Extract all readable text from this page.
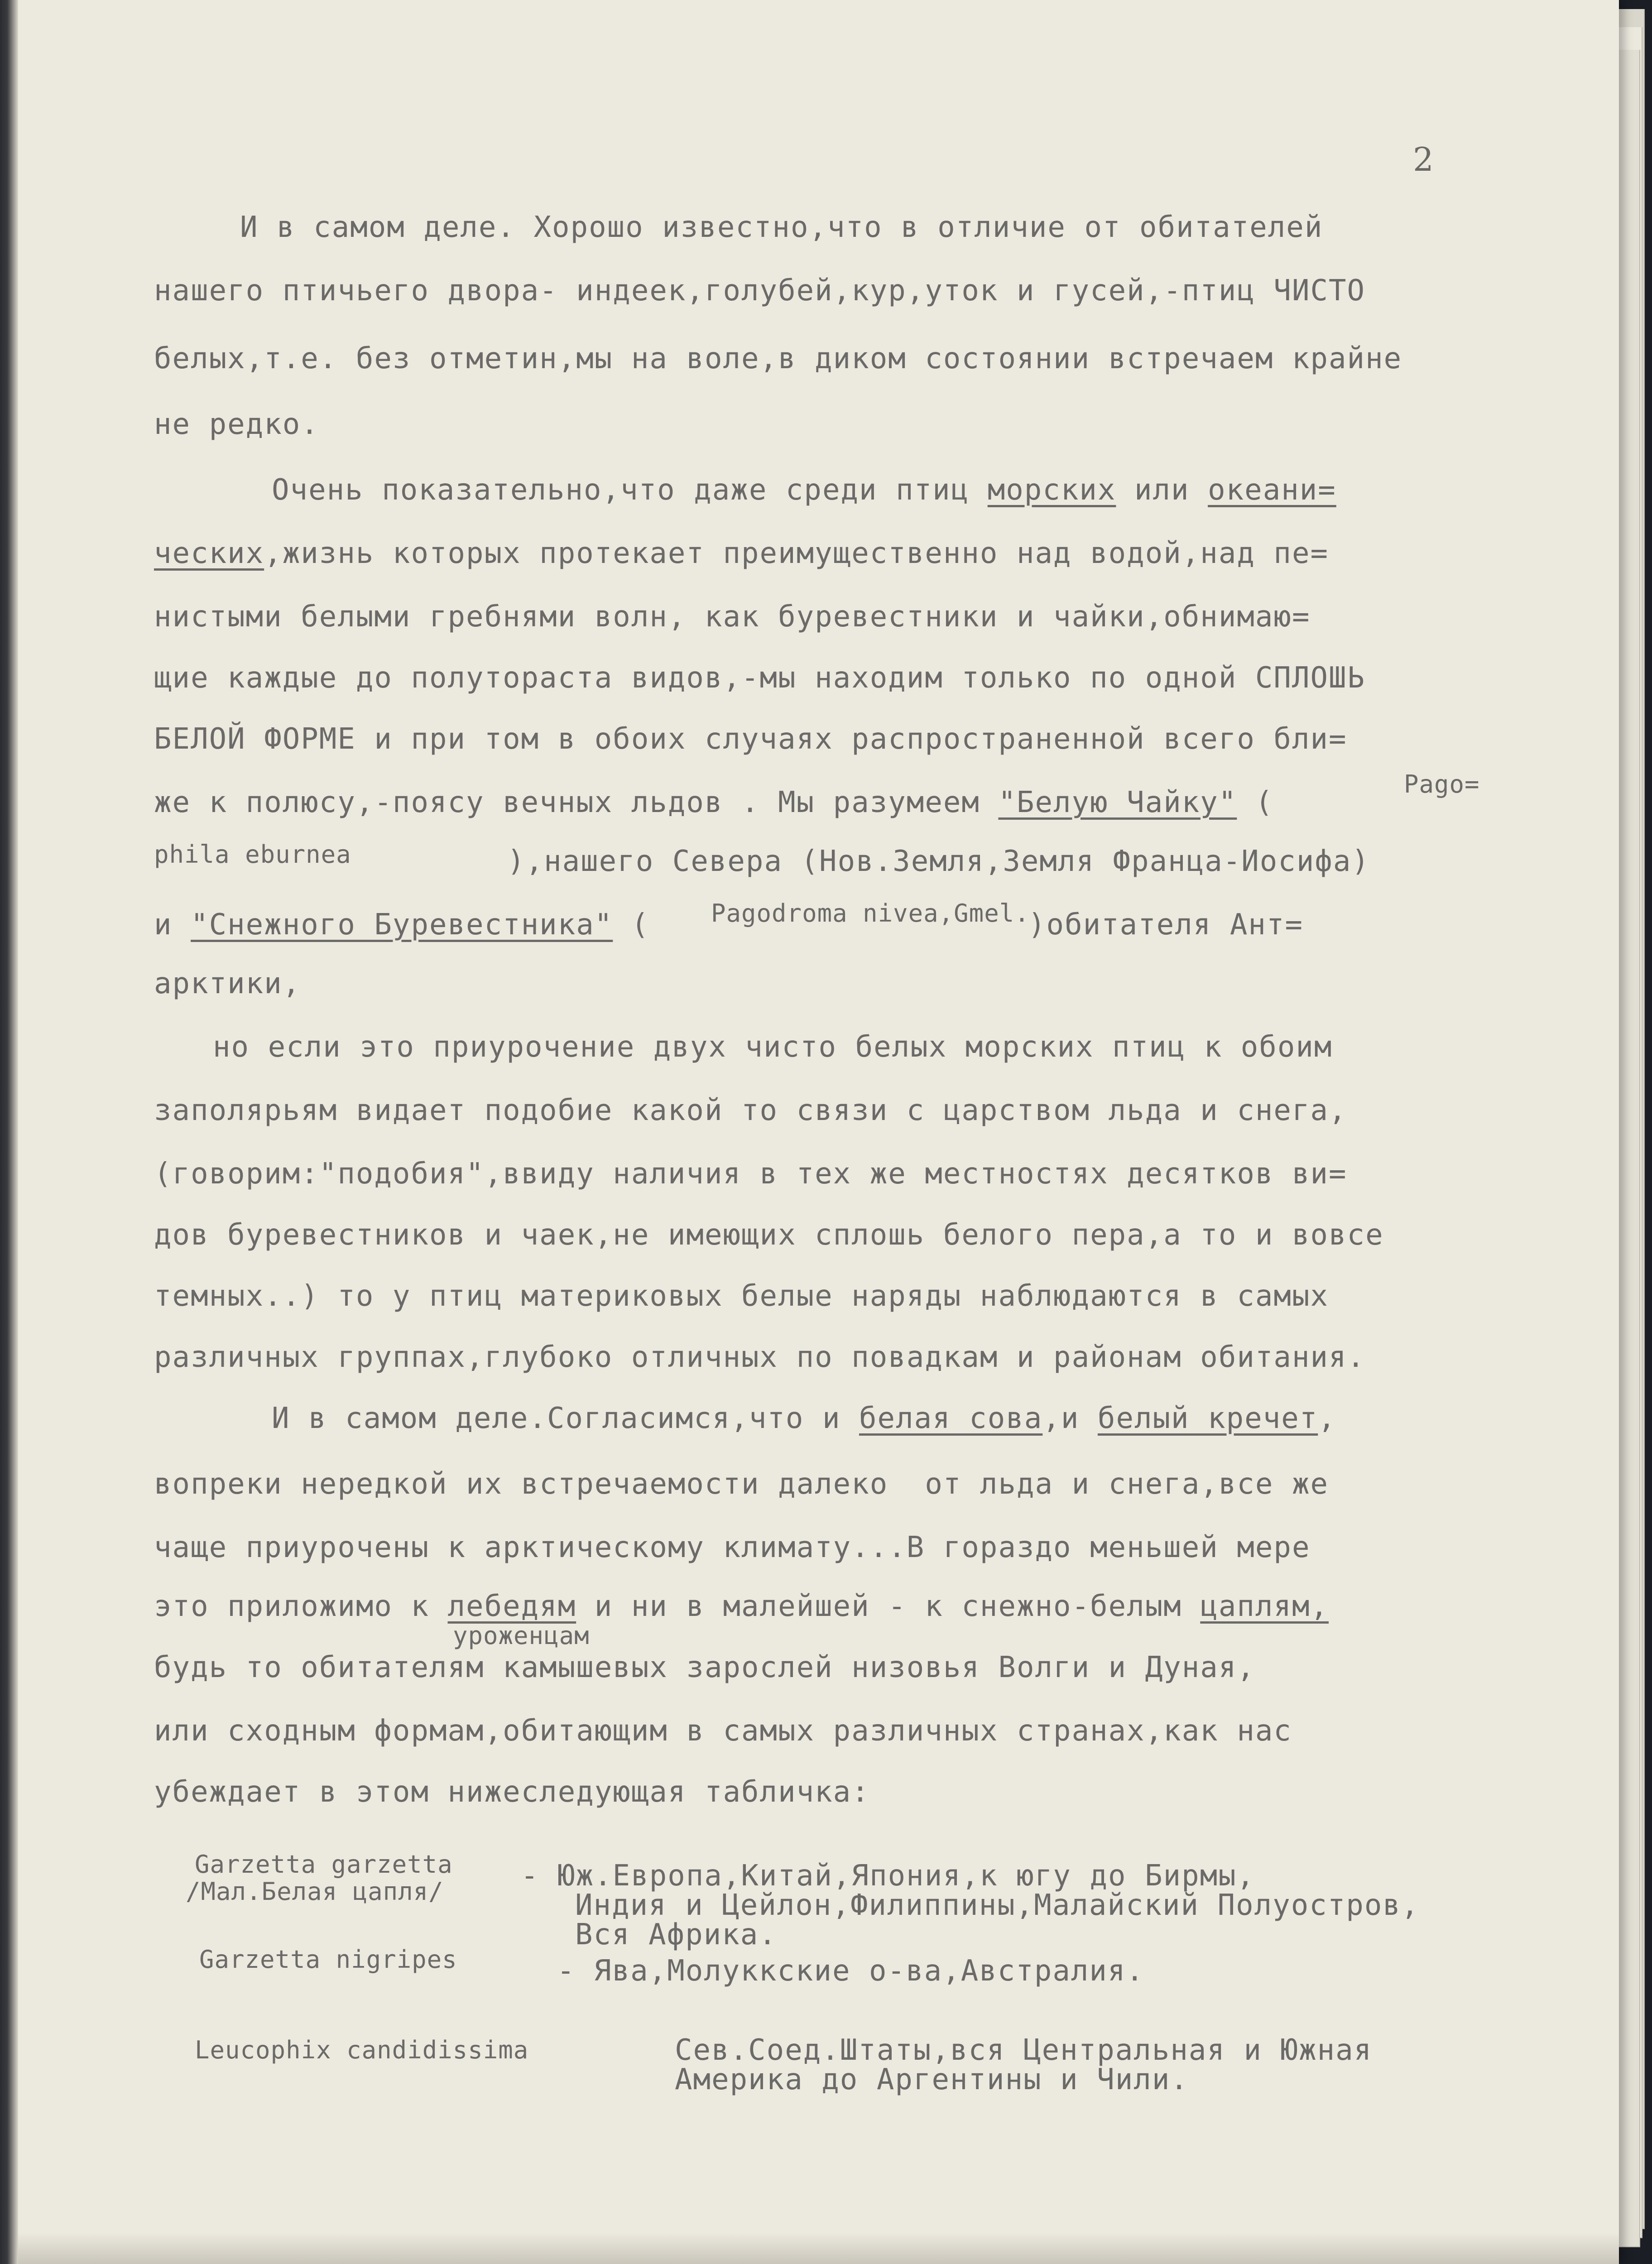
2
И в самом деле. Хорошо известно,что в отличие от обитателей
нашего птичьего двора- индеек,голубей,кур,уток и гусей,-птиц ЧИСТО
белых,т.е. без отметин,мы на воле,в диком состоянии встречаем крайне
не редко.
Очень показательно,что даже среди птиц морских или океани=
ческих,жизнь которых протекает преимущественно над водой,над пе=
нистыми белыми гребнями волн, как буревестники и чайки,обнимаю=
щие каждые до полутораста видов,-мы находим только по одной СПЛОШЬ
БЕЛОЙ ФОРМЕ и при том в обоих случаях распространенной всего бли=
же к полюсу,-поясу вечных льдов . Мы разумеем "Белую Чайку" (
Pago=
phila eburnea	),нашего Севера (Нов.Земля,Земля Франца-Иосифа)
и "Снежного Буревестника" (	Pagodroma nivea,Gmel.
)обитателя Ант=
арктики,
но если это приурочение двух чисто белых морских птиц к обоим
заполярьям видает подобие какой то связи с царством льда и снега,
(говорим:"подобия",ввиду наличия в тех же местностях десятков ви=
дов буревестников и чаек,не имеющих сплошь белого пера,а то и вовсе
темных..) то у птиц материковых белые наряды наблюдаются в самых
различных группах,глубоко отличных по повадкам и районам обитания.
И в самом деле.Согласимся,что и белая сова,и белый кречет,
вопреки нередкой их встречаемости далеко  от льда и снега,все же
чаще приурочены к арктическому климату...В гораздо меньшей мере
это приложимо к лебедям и ни в малейшей - к снежно-белым цаплям,
уроженцам
будь то обитателям камышевых зарослей низовья Волги и Дуная,
или сходным формам,обитающим в самых различных странах,как нас
убеждает в этом нижеследующая табличка:
Garzetta garzetta
/Мал.Белая цапля/	- Юж.Европа,Китай,Япония,к югу до Бирмы,
Индия и Цейлон,Филиппины,Малайский Полуостров,
Вся Африка.
Garzetta nigripes	- Ява,Молуккские о-ва,Австралия.
Leucophix candidissima	Сев.Соед.Штаты,вся Центральная и Южная
Америка до Аргентины и Чили.
